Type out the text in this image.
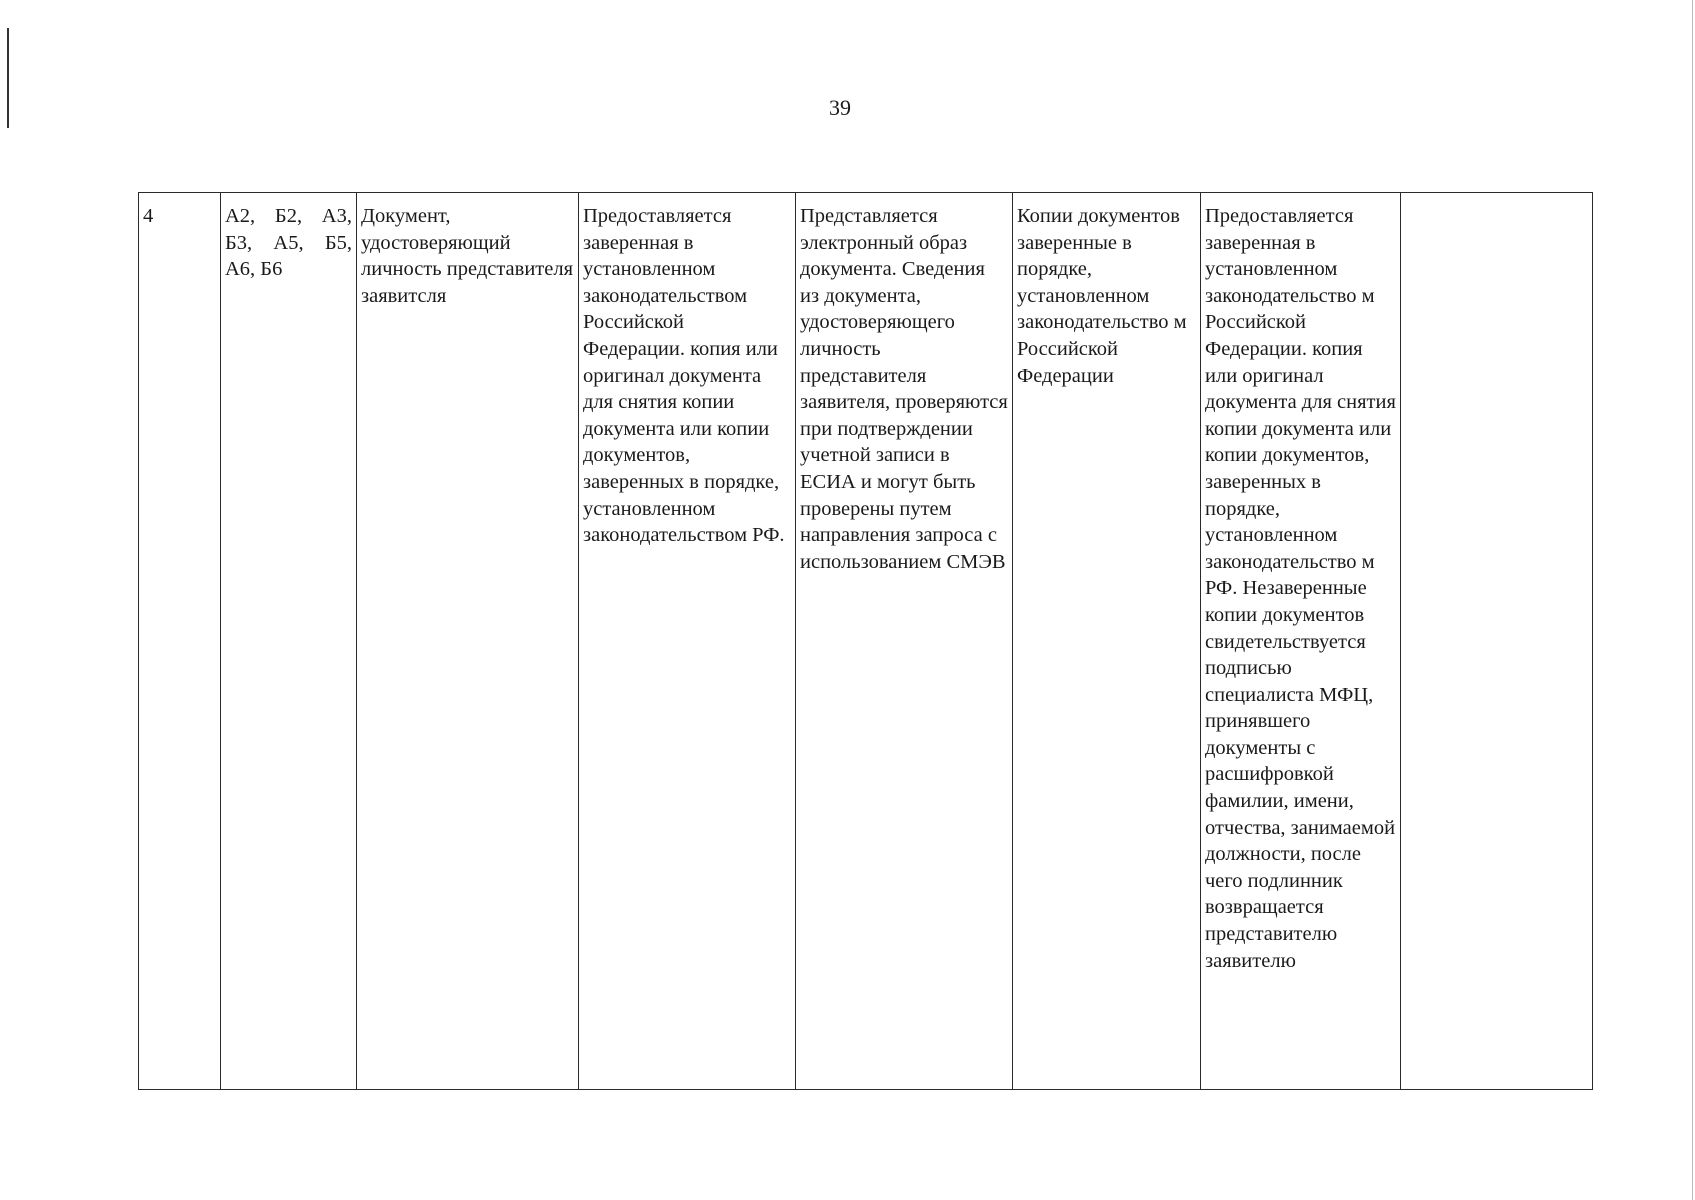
39
4	А2, Б2, А3, Б3, А5, Б5, А6, Б6	Документ, удостоверяющий личность представителя заявитсля	Предоставляется заверенная в установленном законодательством Российской Федерации. копия или оригинал документа для снятия копии документа или копии документов, заверенных в порядке, установленном законодательством РФ.	Представляется электронный образ документа. Сведения из документа, удостоверяющего личность представителя заявителя, проверяются при подтверждении учетной записи в ЕСИА и могут быть проверены путем направления запроса с использованием СМЭВ	Копии документов заверенные в порядке, установленном законодательство м Российской Федерации	Предоставляется заверенная в установленном законодательство м Российской Федерации. копия или оригинал документа для снятия копии документа или копии документов, заверенных в порядке, установленном законодательство м РФ. Незаверенные копии документов свидетельствуется подписью специалиста МФЦ, принявшего документы с расшифровкой фамилии, имени, отчества, занимаемой должности, после чего подлинник возвращается представителю заявителю	
